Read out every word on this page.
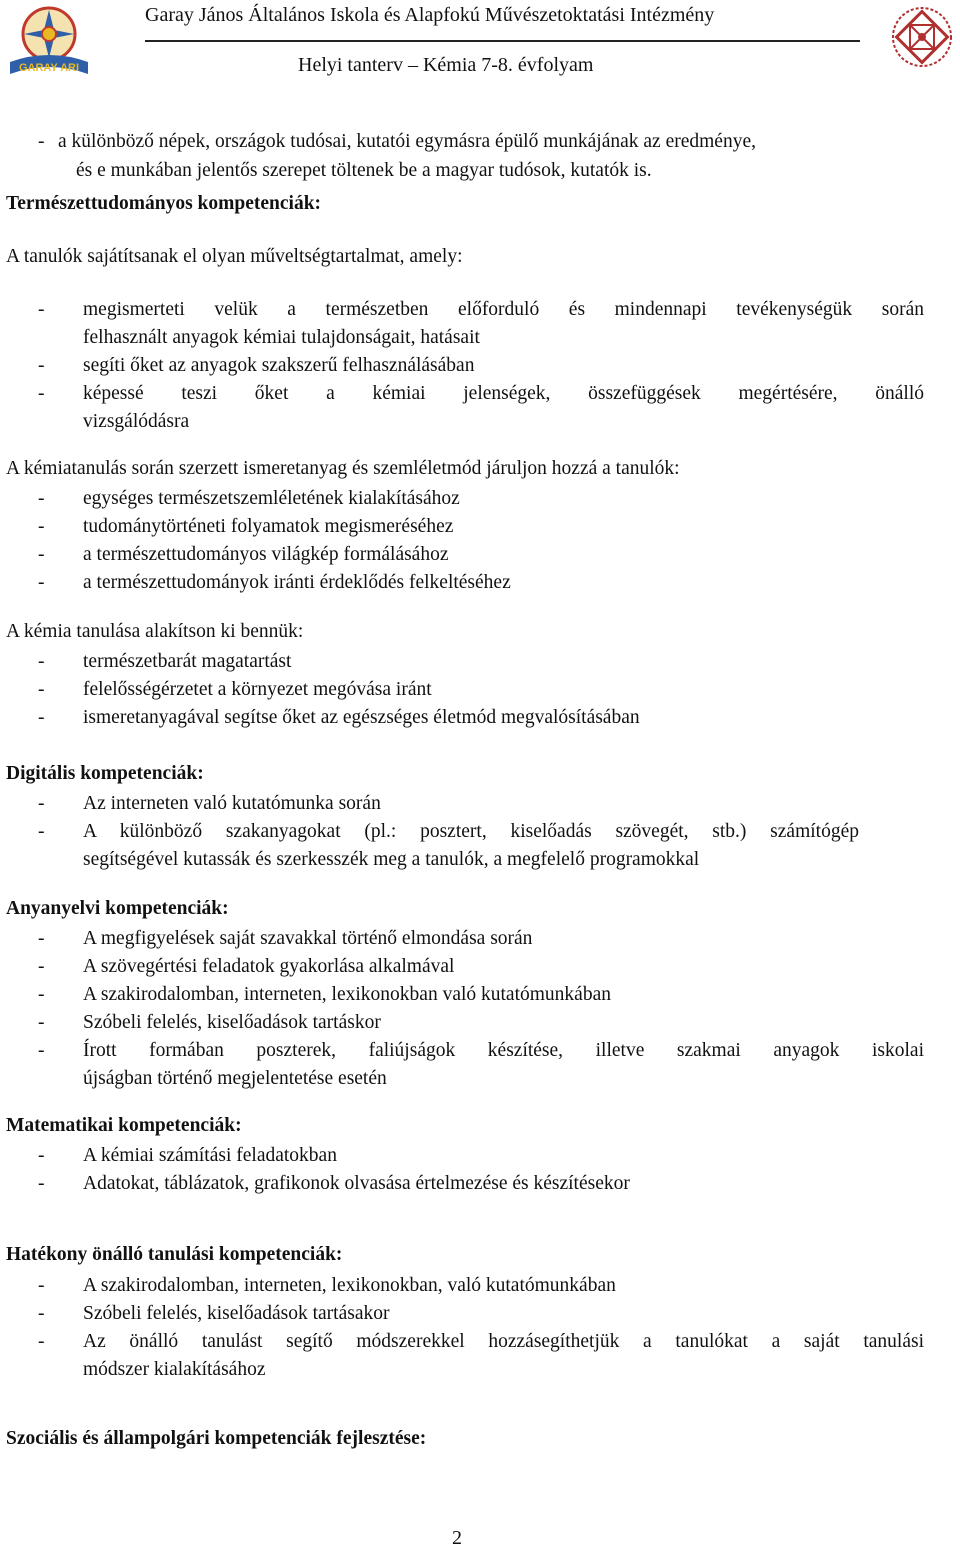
GARAY ARI
Garay János Általános Iskola és Alapfokú Művészetoktatási Intézmény
Helyi tanterv – Kémia 7-8. évfolyam
- a különböző népek, országok tudósai, kutatói egymásra épülő munkájának az eredménye,
és e munkában jelentős szerepet töltenek be a magyar tudósok, kutatók is.
Természettudományos kompetenciák:
A tanulók sajátítsanak el olyan műveltségtartalmat, amely:
- megismerteti velük a természetben előforduló és mindennapi tevékenységük során
felhasznált anyagok kémiai tulajdonságait, hatásait
- segíti őket az anyagok szakszerű felhasználásában
- képessé teszi őket a kémiai jelenségek, összefüggések megértésére, önálló
vizsgálódásra
A kémiatanulás során szerzett ismeretanyag és szemléletmód járuljon hozzá a tanulók:
- egységes természetszemléletének kialakításához
- tudománytörténeti folyamatok megismeréséhez
- a természettudományos világkép formálásához
- a természettudományok iránti érdeklődés felkeltéséhez
A kémia tanulása alakítson ki bennük:
- természetbarát magatartást
- felelősségérzetet a környezet megóvása iránt
- ismeretanyagával segítse őket az egészséges életmód megvalósításában
Digitális kompetenciák:
- Az interneten való kutatómunka során
- A különböző szakanyagokat (pl.: posztert, kiselőadás szövegét, stb.) számítógép
segítségével kutassák és szerkesszék meg a tanulók, a megfelelő programokkal
Anyanyelvi kompetenciák:
- A megfigyelések saját szavakkal történő elmondása során
- A szövegértési feladatok gyakorlása alkalmával
- A szakirodalomban, interneten, lexikonokban való kutatómunkában
- Szóbeli felelés, kiselőadások tartáskor
- Írott formában poszterek, faliújságok készítése, illetve szakmai anyagok iskolai
újságban történő megjelentetése esetén
Matematikai kompetenciák:
- A kémiai számítási feladatokban
- Adatokat, táblázatok, grafikonok olvasása értelmezése és készítésekor
Hatékony önálló tanulási kompetenciák:
- A szakirodalomban, interneten, lexikonokban, való kutatómunkában
- Szóbeli felelés, kiselőadások tartásakor
- Az önálló tanulást segítő módszerekkel hozzásegíthetjük a tanulókat a saját tanulási
módszer kialakításához
Szociális és állampolgári kompetenciák fejlesztése:
2
